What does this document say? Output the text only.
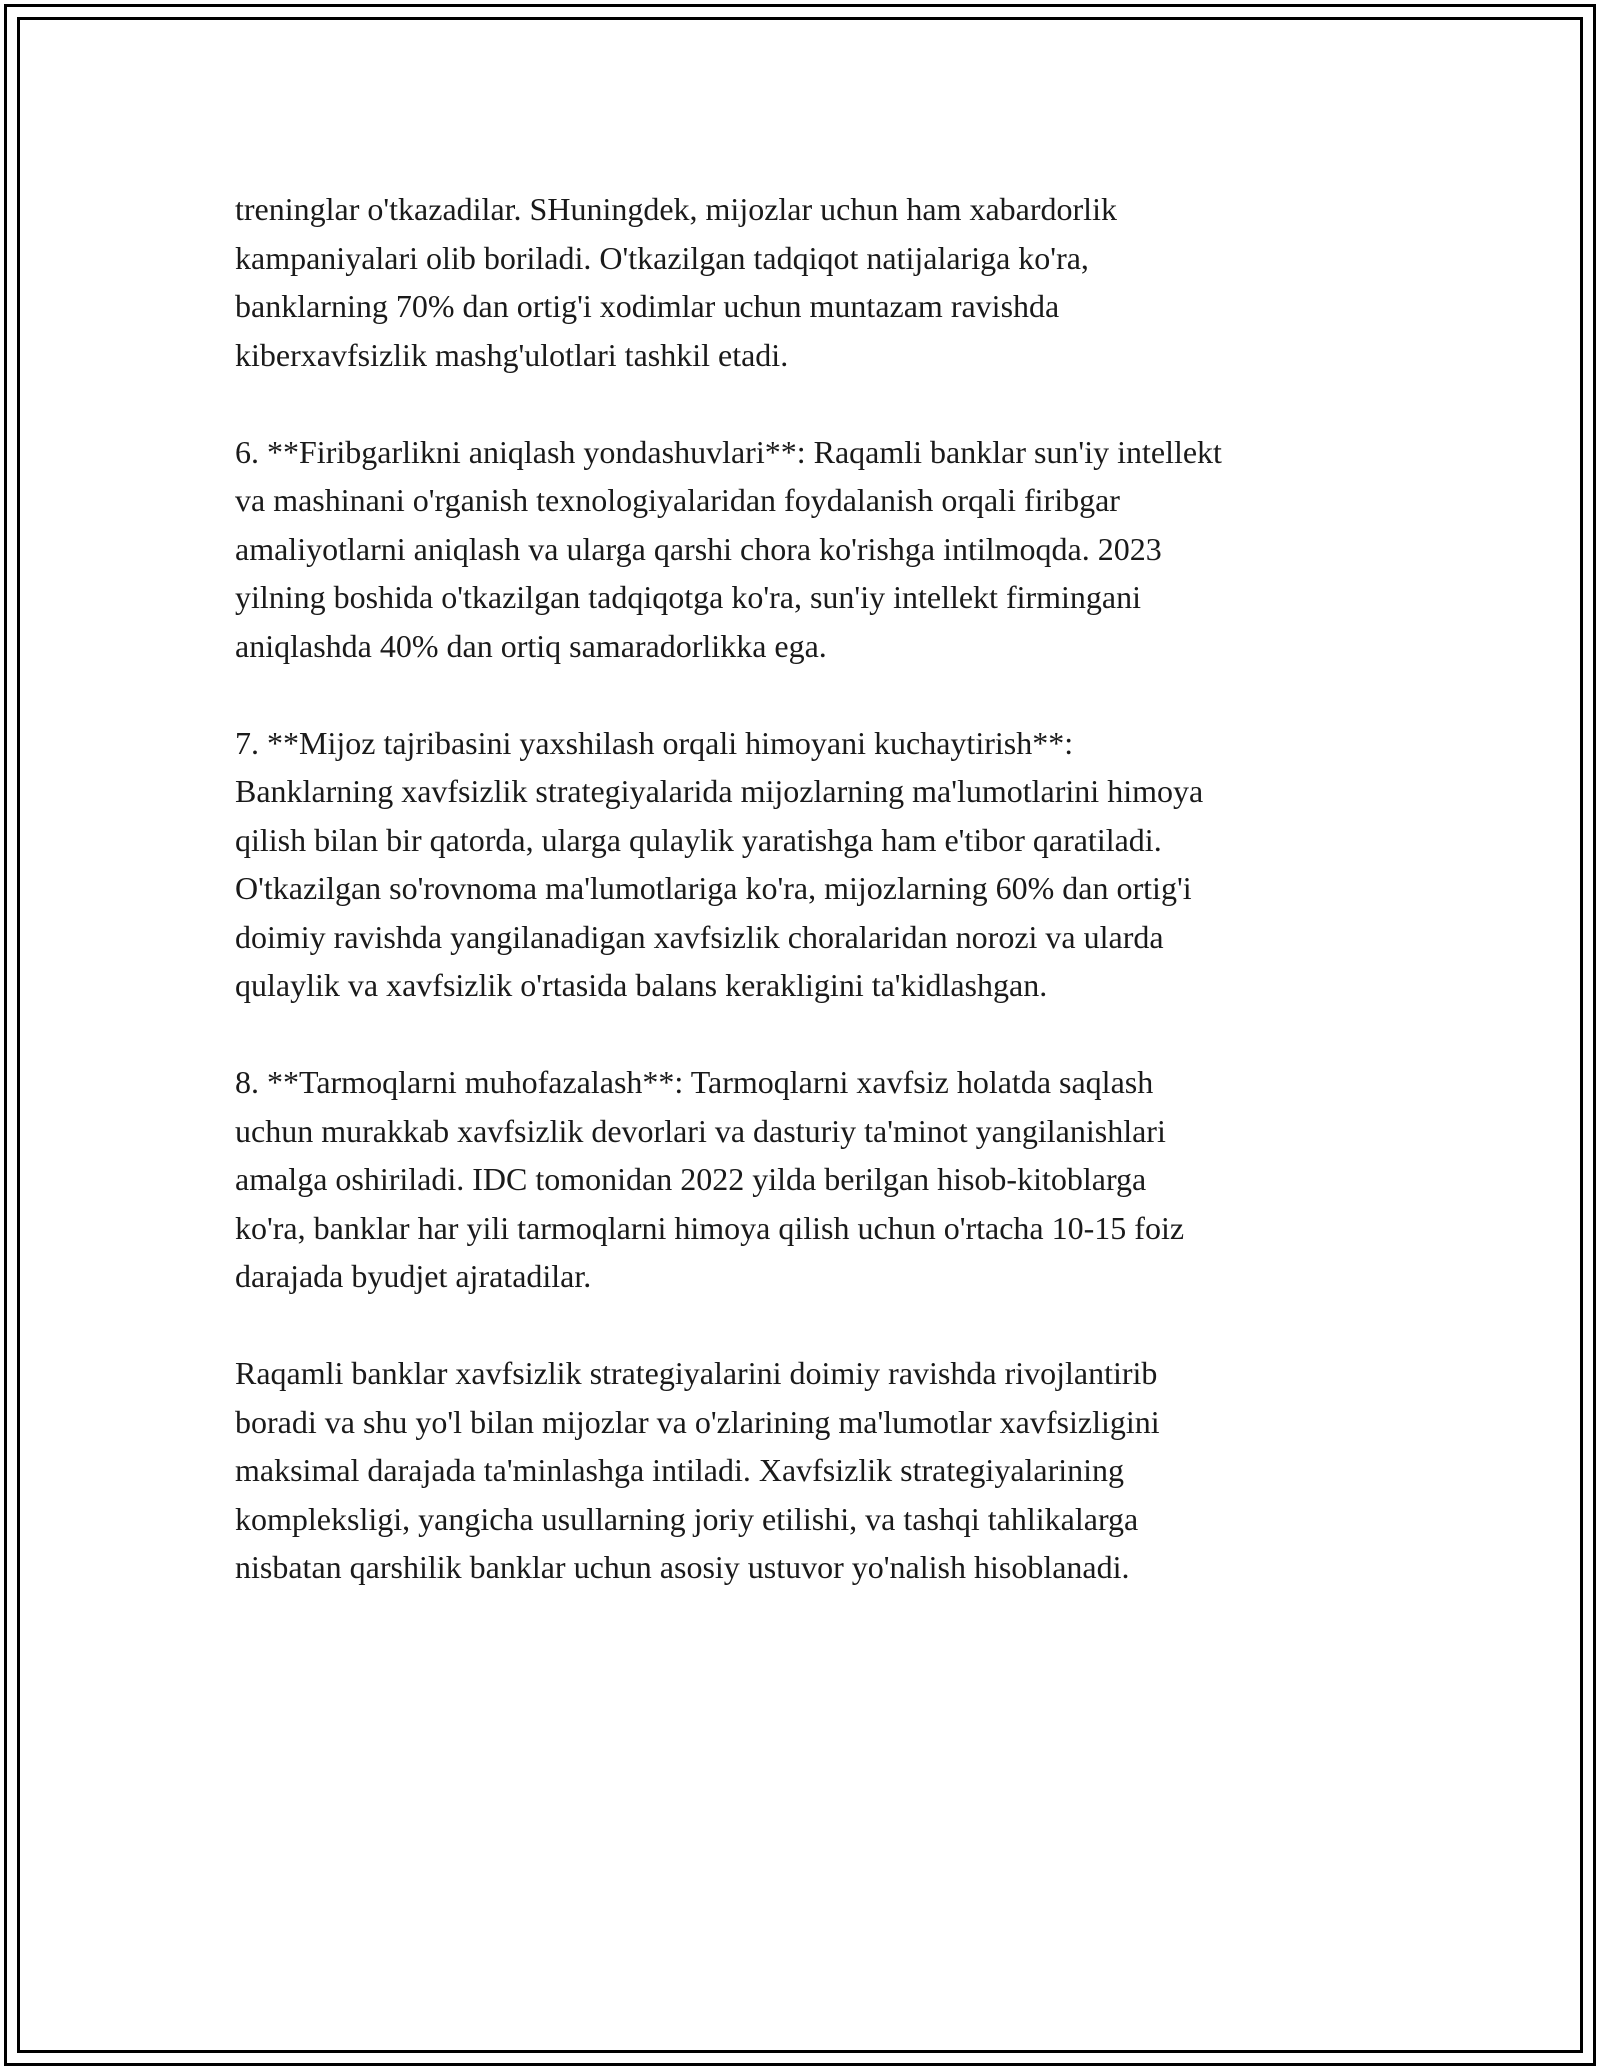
treninglar o'tkazadilar. SHuningdek, mijozlar uchun ham xabardorlik
kampaniyalari olib boriladi. O'tkazilgan tadqiqot natijalariga ko'ra,
banklarning 70% dan ortig'i xodimlar uchun muntazam ravishda
kiberxavfsizlik mashg'ulotlari tashkil etadi.

6. **Firibgarlikni aniqlash yondashuvlari**: Raqamli banklar sun'iy intellekt
va mashinani o'rganish texnologiyalaridan foydalanish orqali firibgar
amaliyotlarni aniqlash va ularga qarshi chora ko'rishga intilmoqda. 2023
yilning boshida o'tkazilgan tadqiqotga ko'ra, sun'iy intellekt firmingani
aniqlashda 40% dan ortiq samaradorlikka ega.

7. **Mijoz tajribasini yaxshilash orqali himoyani kuchaytirish**:
Banklarning xavfsizlik strategiyalarida mijozlarning ma'lumotlarini himoya
qilish bilan bir qatorda, ularga qulaylik yaratishga ham e'tibor qaratiladi.
O'tkazilgan so'rovnoma ma'lumotlariga ko'ra, mijozlarning 60% dan ortig'i
doimiy ravishda yangilanadigan xavfsizlik choralaridan norozi va ularda
qulaylik va xavfsizlik o'rtasida balans kerakligini ta'kidlashgan.

8. **Tarmoqlarni muhofazalash**: Tarmoqlarni xavfsiz holatda saqlash
uchun murakkab xavfsizlik devorlari va dasturiy ta'minot yangilanishlari
amalga oshiriladi. IDC tomonidan 2022 yilda berilgan hisob-kitoblarga
ko'ra, banklar har yili tarmoqlarni himoya qilish uchun o'rtacha 10-15 foiz
darajada byudjet ajratadilar.

Raqamli banklar xavfsizlik strategiyalarini doimiy ravishda rivojlantirib
boradi va shu yo'l bilan mijozlar va o'zlarining ma'lumotlar xavfsizligini
maksimal darajada ta'minlashga intiladi. Xavfsizlik strategiyalarining
kompleksligi, yangicha usullarning joriy etilishi, va tashqi tahlikalarga
nisbatan qarshilik banklar uchun asosiy ustuvor yo'nalish hisoblanadi.
